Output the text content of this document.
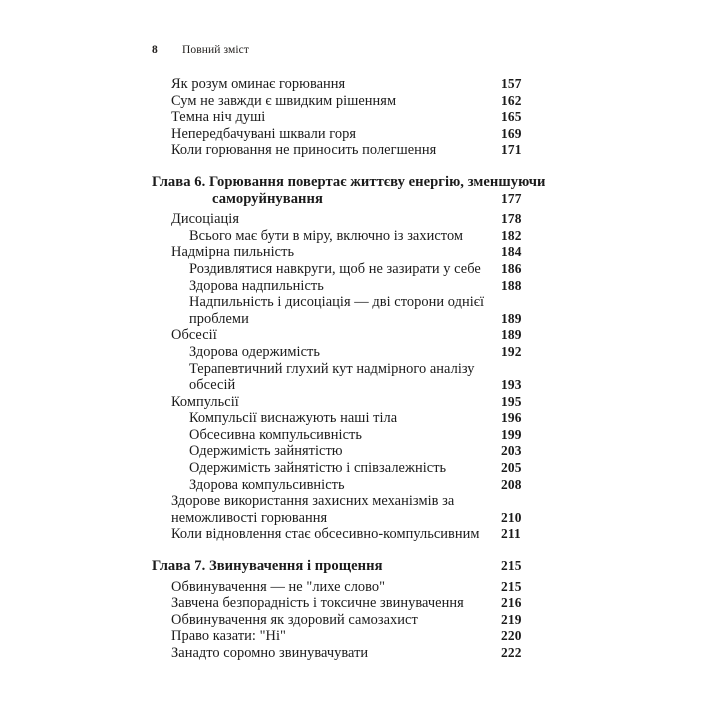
8	Повний зміст
Як розум оминає горювання	157
Сум не завжди є швидким рішенням	162
Темна ніч душі	165
Непередбачувані шквали горя	169
Коли горювання не приносить полегшення	171
Глава 6. Горювання повертає життєву енергію, зменшуючи саморуйнування	177
Дисоціація	178
Всього має бути в міру, включно із захистом	182
Надмірна пильність	184
Роздивлятися навкруги, щоб не зазирати у себе 186
Здорова надпильність	188
Надпильність і дисоціація — дві сторони однієї проблеми	189
Обсесії	189
Здорова одержимість	192
Терапевтичний глухий кут надмірного аналізу обсесій	193
Компульсії	195
Компульсії виснажують наші тіла	196
Обсесивна компульсивність	199
Одержимість зайнятістю	203
Одержимість зайнятістю і співзалежність	205
Здорова компульсивність	208
Здорове використання захисних механізмів за неможливості горювання	210
Коли відновлення стає обсесивно-компульсивним 211
Глава 7. Звинувачення і прощення	215
Обвинувачення — не "лихе слово"	215
Завчена безпорадність і токсичне звинувачення	216
Обвинувачення як здоровий самозахист	219
Право казати: "Ні"	220
Занадто соромно звинувачувати	222
